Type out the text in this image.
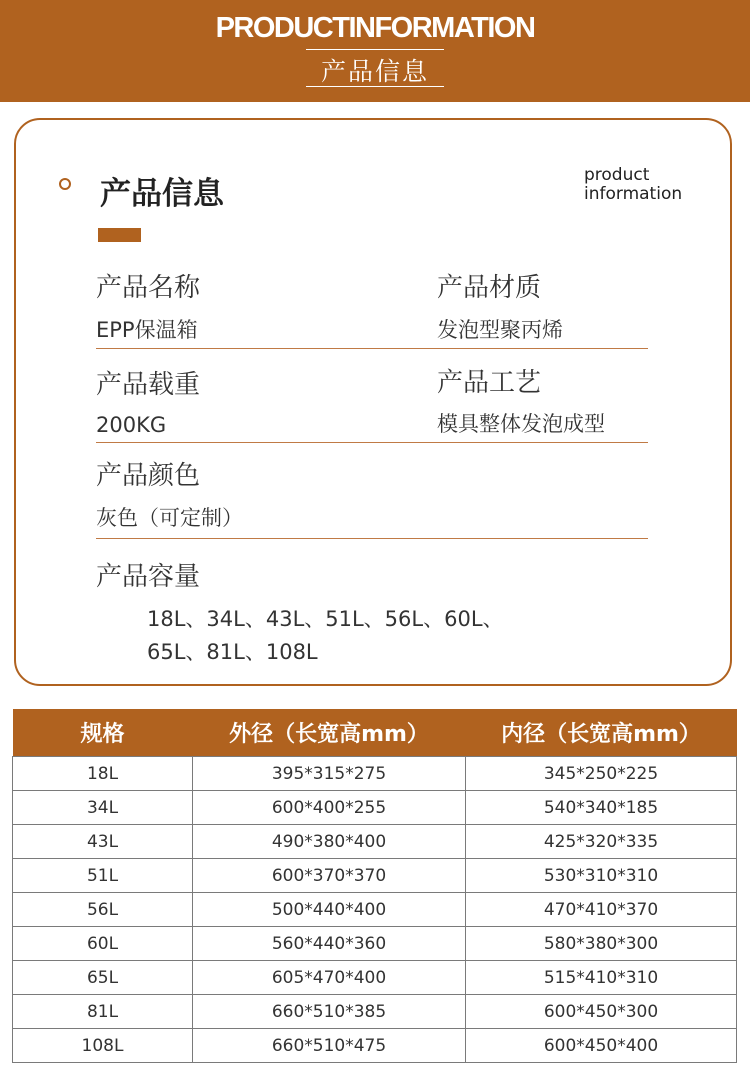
PRODUCTINFORMATION
产品信息
产品信息
product
information
产品名称
EPP保温箱
产品材质
发泡型聚丙烯
产品载重
200KG
产品工艺
模具整体发泡成型
产品颜色
灰色（可定制）
产品容量
18L、34L、43L、51L、56L、60L、
65L、81L、108L
规格	外径（长宽高mm）	内径（长宽高mm）
18L	395*315*275	345*250*225
34L	600*400*255	540*340*185
43L	490*380*400	425*320*335
51L	600*370*370	530*310*310
56L	500*440*400	470*410*370
60L	560*440*360	580*380*300
65L	605*470*400	515*410*310
81L	660*510*385	600*450*300
108L	660*510*475	600*450*400
